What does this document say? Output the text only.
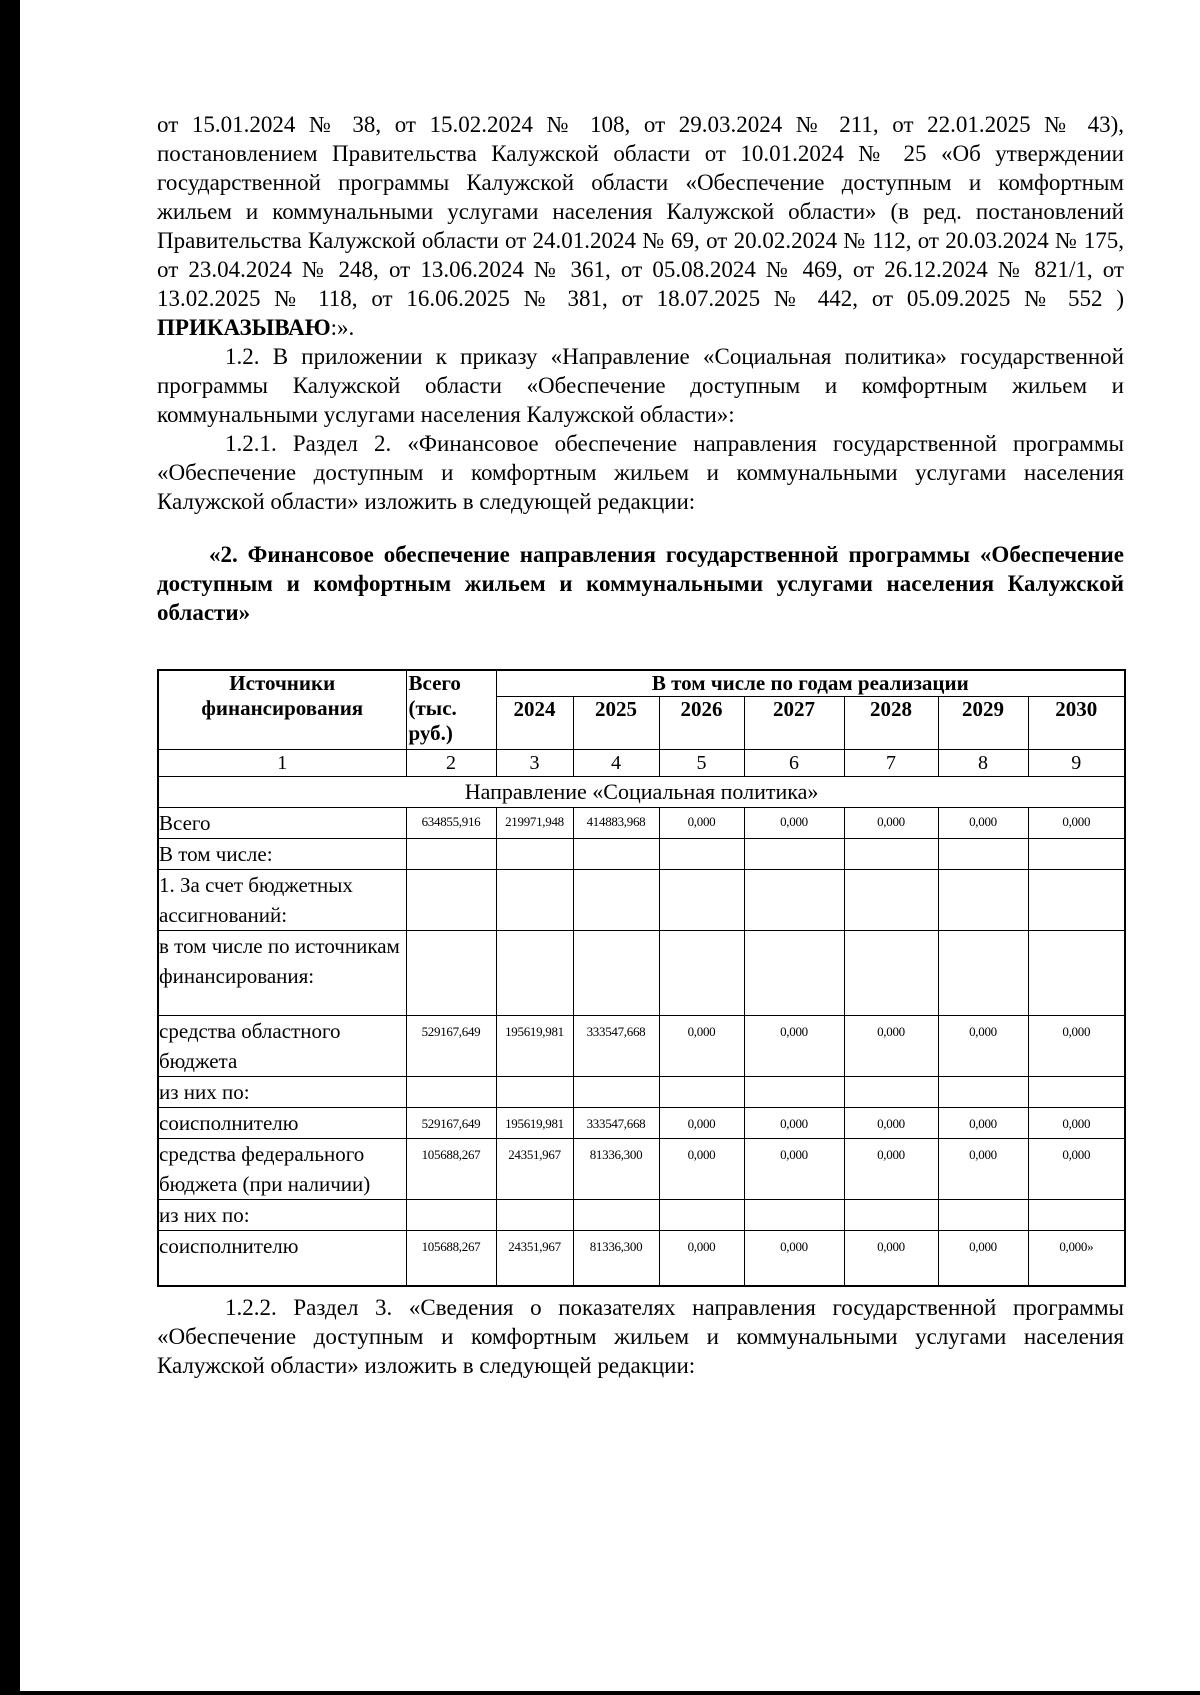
от 15.01.2024 № 38, от 15.02.2024 № 108, от 29.03.2024 № 211, от 22.01.2025 № 43), постановлением Правительства Калужской области от 10.01.2024 № 25 «Об утверждении государственной программы Калужской области «Обеспечение доступным и комфортным жильем и коммунальными услугами населения Калужской области» (в ред. постановлений Правительства Калужской области от 24.01.2024 № 69, от 20.02.2024 № 112, от 20.03.2024 № 175, от 23.04.2024 № 248, от 13.06.2024 № 361, от 05.08.2024 № 469, от 26.12.2024 № 821/1, от 13.02.2025 № 118, от 16.06.2025 № 381, от 18.07.2025 № 442, от 05.09.2025 № 552 ) ПРИКАЗЫВАЮ:».

1.2. В приложении к приказу «Направление «Социальная политика» государственной программы Калужской области «Обеспечение доступным и комфортным жильем и коммунальными услугами населения Калужской области»:

1.2.1. Раздел 2. «Финансовое обеспечение направления государственной программы «Обеспечение доступным и комфортным жильем и коммунальными услугами населения Калужской области» изложить в следующей редакции:

«2. Финансовое обеспечение направления государственной программы «Обеспечение доступным и комфортным жильем и коммунальными услугами населения Калужской области»
Источники финансирования	Всего (тыс. руб.)	В том числе по годам реализации						
		2024	2025	2026	2027	2028	2029	2030
1	2	3	4	5	6	7	8	9
Направление «Социальная политика»								
Всего	634855,916	219971,948	414883,968	0,000	0,000	0,000	0,000	0,000
В том числе:								
1. За счет бюджетных ассигнований:								
в том числе по источникам финансирования:								
средства областного бюджета	529167,649	195619,981	333547,668	0,000	0,000	0,000	0,000	0,000
из них по:								
соисполнителю	529167,649	195619,981	333547,668	0,000	0,000	0,000	0,000	0,000
средства федерального бюджета (при наличии)	105688,267	24351,967	81336,300	0,000	0,000	0,000	0,000	0,000
из них по:								
соисполнителю	105688,267	24351,967	81336,300	0,000	0,000	0,000	0,000	0,000»

1.2.2. Раздел 3. «Сведения о показателях направления государственной программы «Обеспечение доступным и комфортным жильем и коммунальными услугами населения Калужской области» изложить в следующей редакции:
